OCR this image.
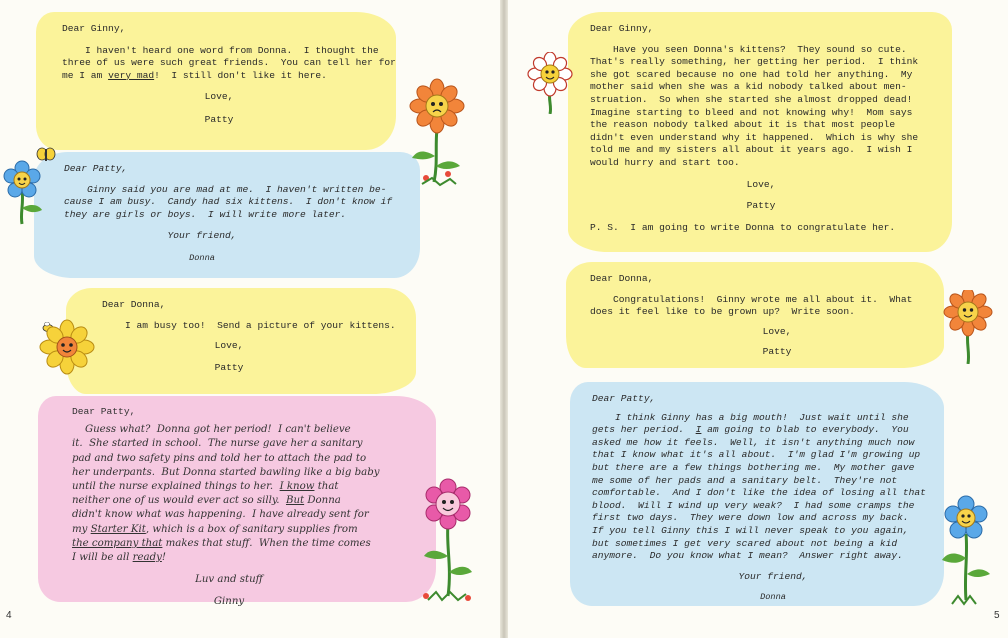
Dear Ginny,
I haven't heard one word from Donna.  I thought the
three of us were such great friends.  You can tell her for
me I am very mad!  I still don't like it here.
Love,
Patty
Dear Patty,
Ginny said you are mad at me.  I haven't written be-
cause I am busy.  Candy had six kittens.  I don't know if
they are girls or boys.  I will write more later.
Your friend,
Donna
Dear Donna,
I am busy too!  Send a picture of your kittens.
Love,
Patty
Dear Patty,
Guess what?  Donna got her period!  I can't believe
it.  She started in school.  The nurse gave her a sanitary
pad and two safety pins and told her to attach the pad to
her underpants.  But Donna started bawling like a big baby
until the nurse explained things to her.  I know that
neither one of us would ever act so silly.  But Donna
didn't know what was happening.  I have already sent for
my Starter Kit, which is a box of sanitary supplies from
the company that makes that stuff.  When the time comes
I will be all ready!
Luv and stuff
Ginny
Dear Ginny,
Have you seen Donna's kittens?  They sound so cute.
That's really something, her getting her period.  I think
she got scared because no one had told her anything.  My
mother said when she was a kid nobody talked about men-
struation.  So when she started she almost dropped dead!
Imagine starting to bleed and not knowing why!  Mom says
the reason nobody talked about it is that most people
didn't even understand why it happened.  Which is why she
told me and my sisters all about it years ago.  I wish I
would hurry and start too.
Love,
Patty
P. S.  I am going to write Donna to congratulate her.
Dear Donna,
Congratulations!  Ginny wrote me all about it.  What
does it feel like to be grown up?  Write soon.
Love,
Patty
Dear Patty,
I think Ginny has a big mouth!  Just wait until she
gets her period.  I am going to blab to everybody.  You
asked me how it feels.  Well, it isn't anything much now
that I know what it's all about.  I'm glad I'm growing up
but there are a few things bothering me.  My mother gave
me some of her pads and a sanitary belt.  They're not
comfortable.  And I don't like the idea of losing all that
blood.  Will I wind up very weak?  I had some cramps the
first two days.  They were down low and across my back.
If you tell Ginny this I will never speak to you again,
but sometimes I get very scared about not being a kid
anymore.  Do you know what I mean?  Answer right away.
Your friend,
Donna
4	5
